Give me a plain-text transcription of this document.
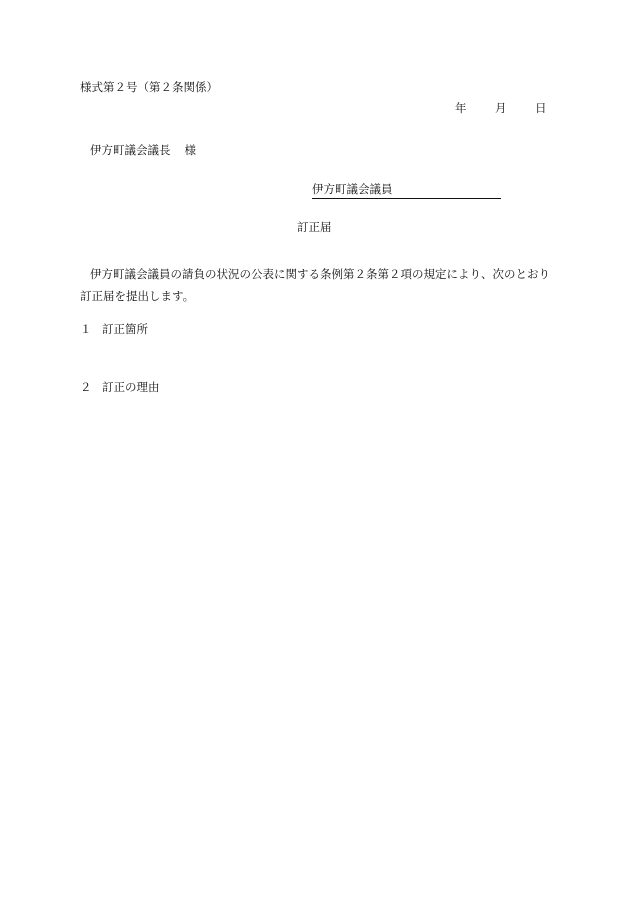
様式第２号（第２条関係）
年	月	日
伊方町議会議長 様
伊方町議会議員
訂正届
伊方町議会議員の請負の状況の公表に関する条例第２条第２項の規定により、次のとおり訂正届を提出します。
１ 訂正箇所
２ 訂正の理由
